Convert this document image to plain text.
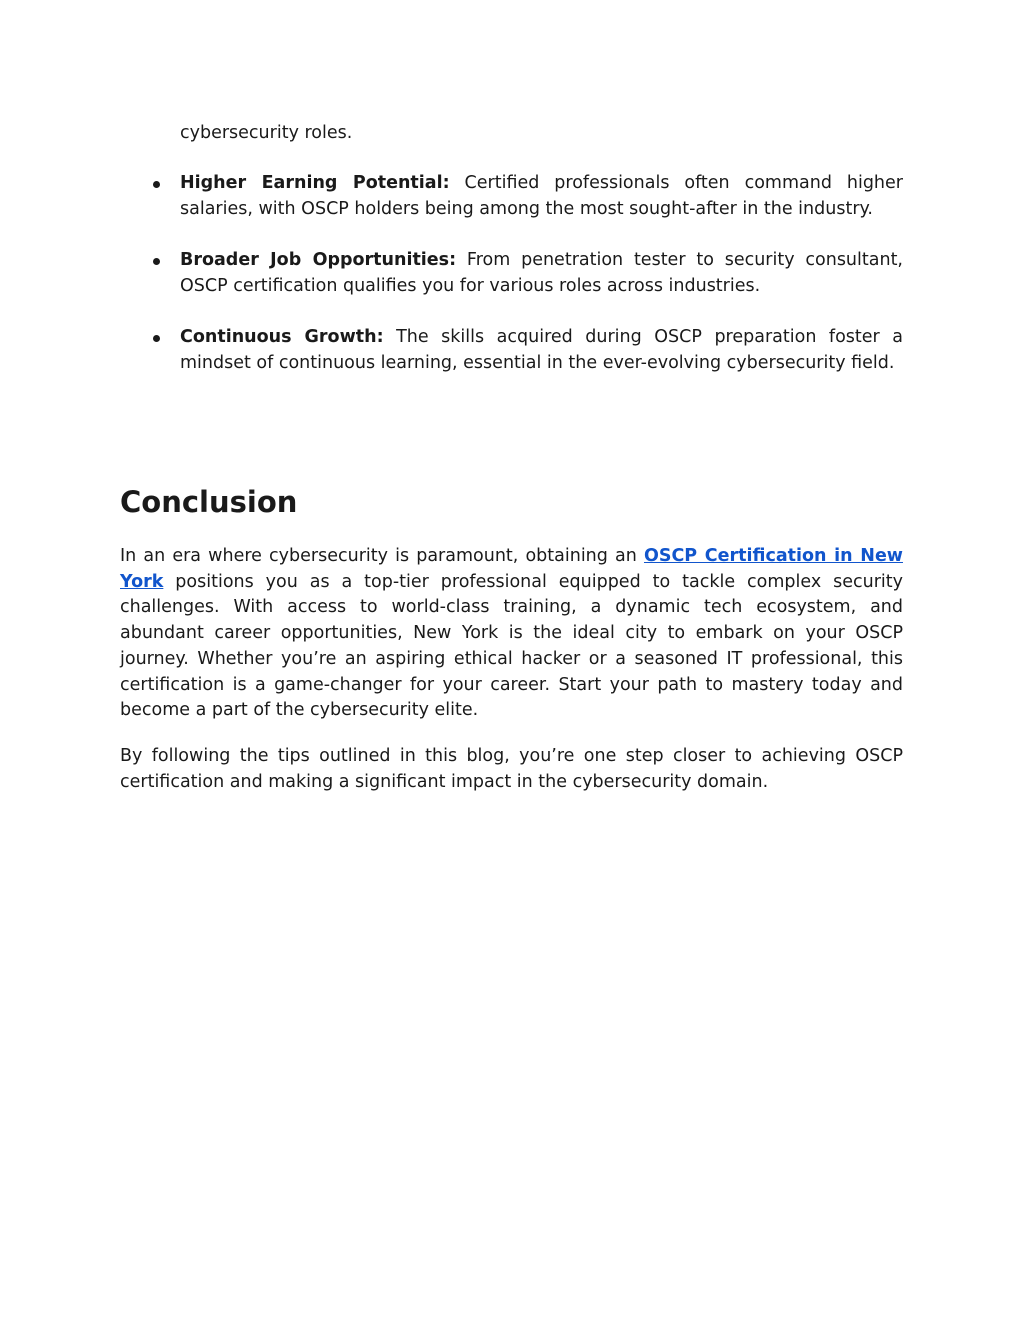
cybersecurity roles.
Higher Earning Potential: Certified professionals often command higher salaries, with OSCP holders being among the most sought-after in the industry.
Broader Job Opportunities: From penetration tester to security consultant, OSCP certification qualifies you for various roles across industries.
Continuous Growth: The skills acquired during OSCP preparation foster a mindset of continuous learning, essential in the ever-evolving cybersecurity field.
Conclusion

In an era where cybersecurity is paramount, obtaining an OSCP Certification in New York positions you as a top-tier professional equipped to tackle complex security challenges. With access to world-class training, a dynamic tech ecosystem, and abundant career opportunities, New York is the ideal city to embark on your OSCP journey. Whether you’re an aspiring ethical hacker or a seasoned IT professional, this certification is a game-changer for your career. Start your path to mastery today and become a part of the cybersecurity elite.

By following the tips outlined in this blog, you’re one step closer to achieving OSCP certification and making a significant impact in the cybersecurity domain.
